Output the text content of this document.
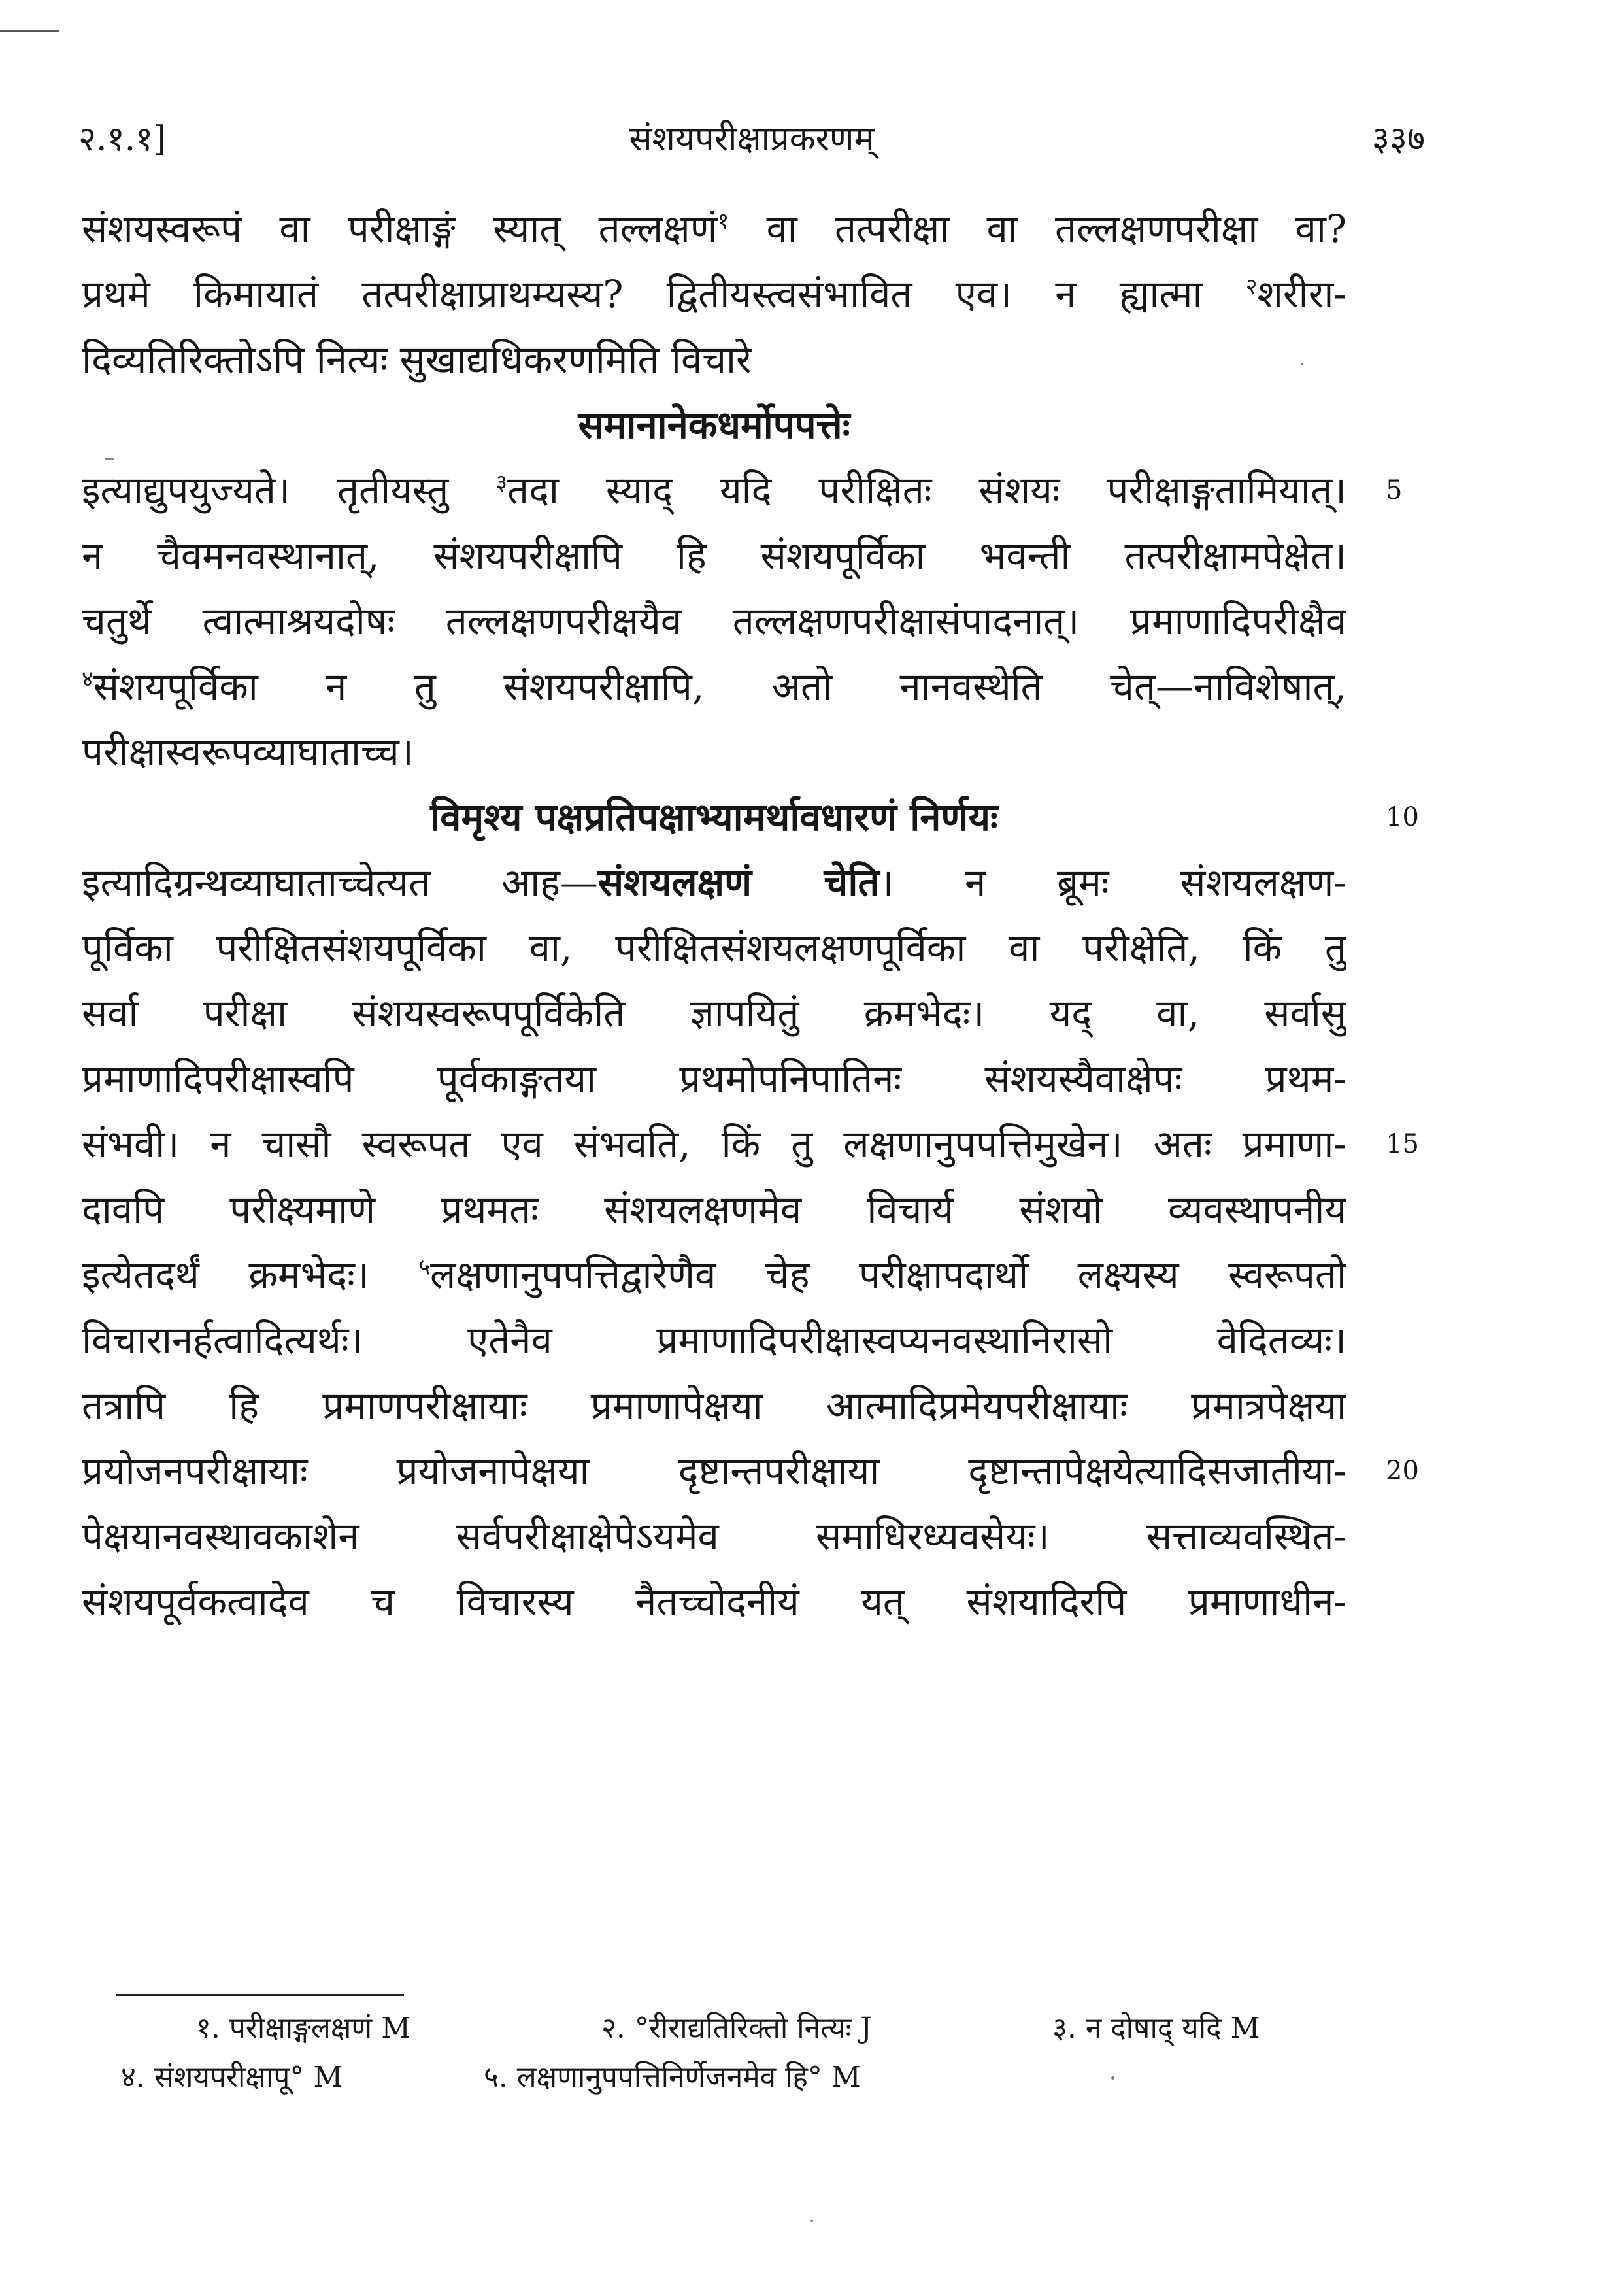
संशयपरीक्षाप्रकरणम्
२.१.१]	३३७
संशयस्वरूपं वा परीक्षाङ्गं स्यात् तल्लक्षणं$^१$ वा तत्परीक्षा वा तल्लक्षणपरीक्षा वा?
प्रथमे किमायातं तत्परीक्षाप्राथम्यस्य? द्वितीयस्त्वसंभावित एव। न ह्यात्मा $^२$शरीरा-
दिव्यतिरिक्तोऽपि नित्यः सुखाद्यधिकरणमिति विचारे
समानानेकधर्मोपपत्तेः
इत्याद्युपयुज्यते। तृतीयस्तु $^३$तदा स्याद् यदि परीक्षितः संशयः परीक्षाङ्गतामियात्।
न चैवमनवस्थानात्, संशयपरीक्षापि हि संशयपूर्विका भवन्ती तत्परीक्षामपेक्षेत।
चतुर्थे त्वात्माश्रयदोषः तल्लक्षणपरीक्षयैव तल्लक्षणपरीक्षासंपादनात्। प्रमाणादिपरीक्षैव
$^४$संशयपूर्विका न तु संशयपरीक्षापि, अतो नानवस्थेति चेत्—नाविशेषात्,
परीक्षास्वरूपव्याघाताच्च।
विमृश्य पक्षप्रतिपक्षाभ्यामर्थावधारणं निर्णयः
इत्यादिग्रन्थव्याघाताच्चेत्यत आह—संशयलक्षणं चेति। न ब्रूमः संशयलक्षण-
पूर्विका परीक्षितसंशयपूर्विका वा, परीक्षितसंशयलक्षणपूर्विका वा परीक्षेति, किं तु
सर्वा परीक्षा संशयस्वरूपपूर्विकेति ज्ञापयितुं क्रमभेदः। यद् वा, सर्वासु
प्रमाणादिपरीक्षास्वपि पूर्वकाङ्गतया प्रथमोपनिपातिनः संशयस्यैवाक्षेपः प्रथम-
संभवी। न चासौ स्वरूपत एव संभवति, किं तु लक्षणानुपपत्तिमुखेन। अतः प्रमाणा-
दावपि परीक्ष्यमाणे प्रथमतः संशयलक्षणमेव विचार्य संशयो व्यवस्थापनीय
इत्येतदर्थं क्रमभेदः। $^५$लक्षणानुपपत्तिद्वारेणैव चेह परीक्षापदार्थो लक्ष्यस्य स्वरूपतो
विचारानर्हत्वादित्यर्थः। एतेनैव प्रमाणादिपरीक्षास्वप्यनवस्थानिरासो वेदितव्यः।
तत्रापि हि प्रमाणपरीक्षायाः प्रमाणापेक्षया आत्मादिप्रमेयपरीक्षायाः प्रमात्रपेक्षया
प्रयोजनपरीक्षायाः प्रयोजनापेक्षया दृष्टान्तपरीक्षाया दृष्टान्तापेक्षयेत्यादिसजातीया-
पेक्षयानवस्थावकाशेन सर्वपरीक्षाक्षेपेऽयमेव समाधिरध्यवसेयः। सत्ताव्यवस्थित-
संशयपूर्वकत्वादेव च विचारस्य नैतच्चोदनीयं यत् संशयादिरपि प्रमाणाधीन-
5
10
15
20
१. परीक्षाङ्गलक्षणं M	२. °रीराद्यतिरिक्तो नित्यः J	३. न दोषाद् यदि M
४. संशयपरीक्षापू° M	५. लक्षणानुपपत्तिनिर्णेजनमेव हि° M
